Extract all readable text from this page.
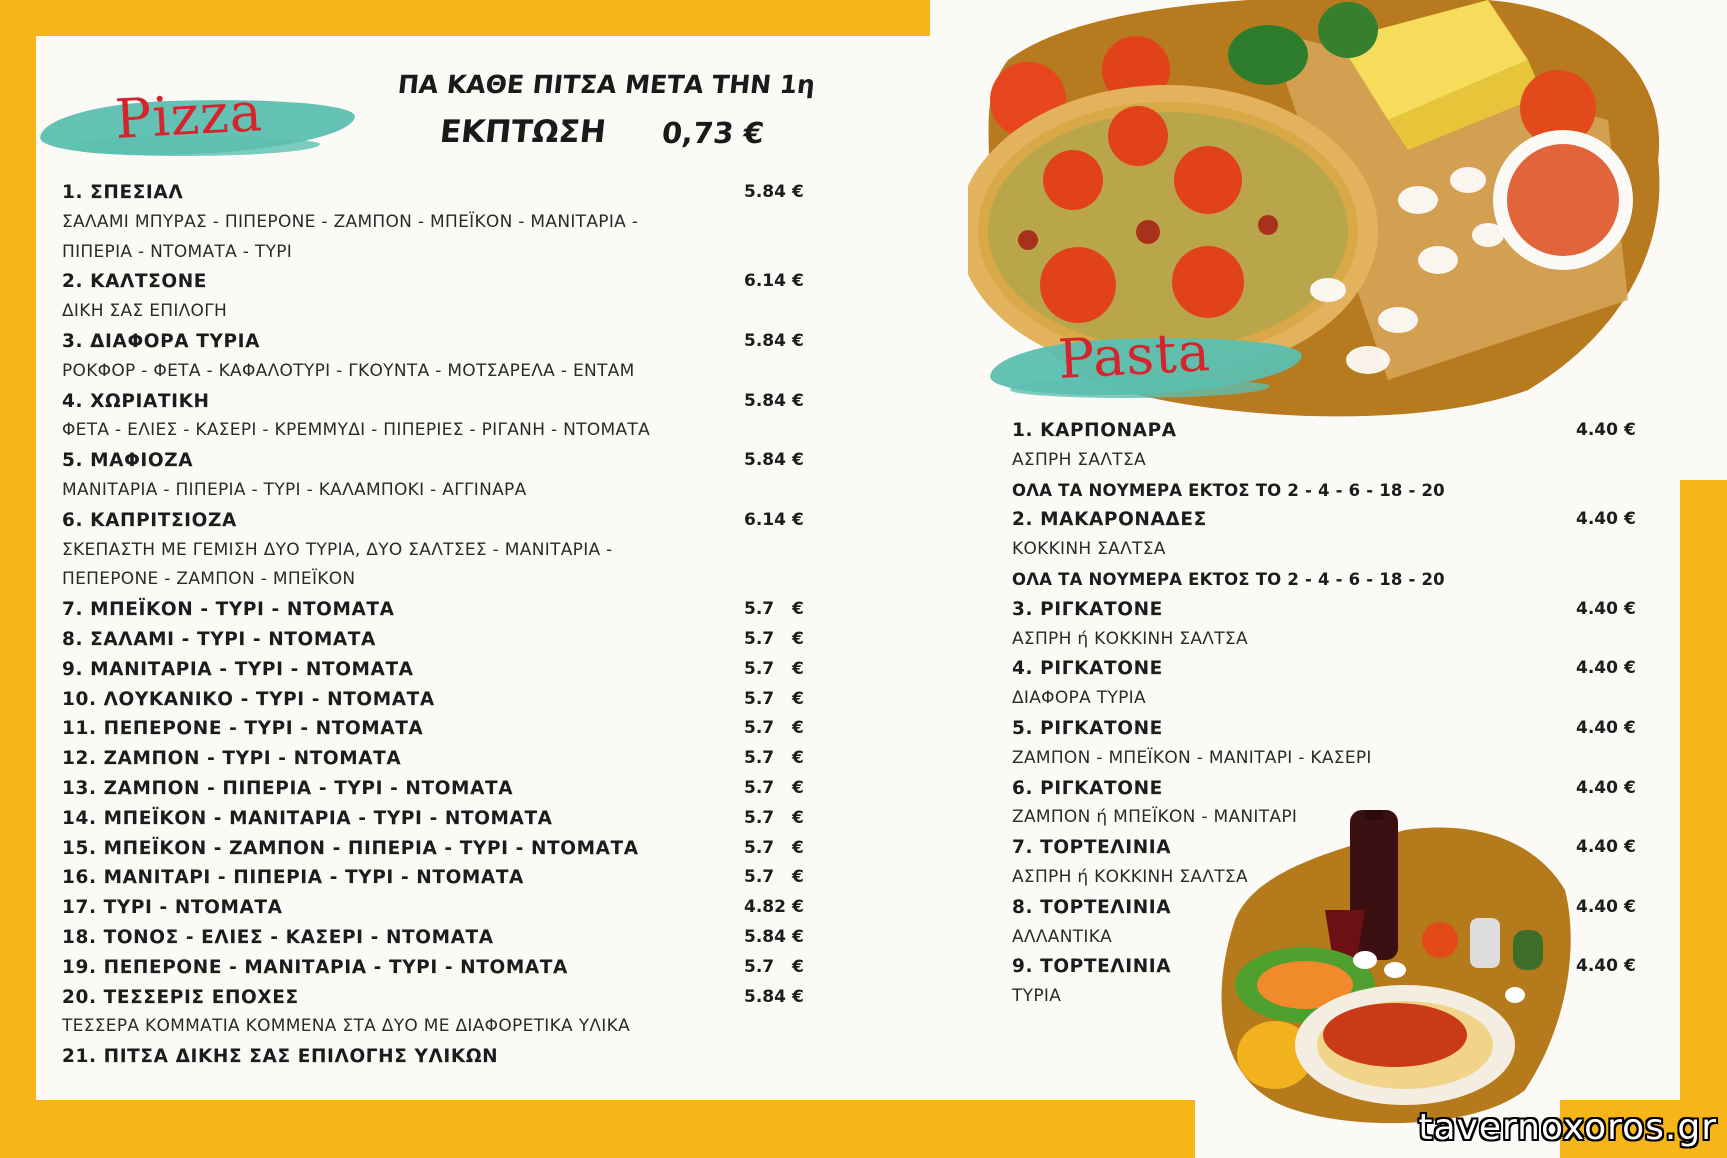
Pizza	ΠΑ ΚΑΘΕ ΠΙΤΣΑ ΜΕΤΑ ΤΗΝ 1η
ΕΚΠΤΩΣΗ 0,73 €
1. ΣΠΕΣΙΑΛ	5.84 €
ΣΑΛΑΜΙ ΜΠΥΡΑΣ - ΠΙΠΕΡΟΝΕ - ΖΑΜΠΟΝ - ΜΠΕΪΚΟΝ - ΜΑΝΙΤΑΡΙΑ -
ΠΙΠΕΡΙΑ - ΝΤΟΜΑΤΑ - ΤΥΡΙ
2. ΚΑΛΤΣΟΝΕ	6.14 €
ΔΙΚΗ ΣΑΣ ΕΠΙΛΟΓΗ
3. ΔΙΑΦΟΡΑ ΤΥΡΙΑ	5.84 €
ΡΟΚΦΟΡ - ΦΕΤΑ - ΚΑΦΑΛΟΤΥΡΙ - ΓΚΟΥΝΤΑ - ΜΟΤΣΑΡΕΛΑ - ΕΝΤΑΜ
4. ΧΩΡΙΑΤΙΚΗ	5.84 €
ΦΕΤΑ - ΕΛΙΕΣ - ΚΑΣΕΡΙ - ΚΡΕΜΜΥΔΙ - ΠΙΠΕΡΙΕΣ - ΡΙΓΑΝΗ - ΝΤΟΜΑΤΑ
5. ΜΑΦΙΟΖΑ	5.84 €
ΜΑΝΙΤΑΡΙΑ - ΠΙΠΕΡΙΑ - ΤΥΡΙ - ΚΑΛΑΜΠΟΚΙ - ΑΓΓΙΝΑΡΑ
6. ΚΑΠΡΙΤΣΙΟΖΑ	6.14 €
ΣΚΕΠΑΣΤΗ ΜΕ ΓΕΜΙΣΗ ΔΥΟ ΤΥΡΙΑ, ΔΥΟ ΣΑΛΤΣΕΣ - ΜΑΝΙΤΑΡΙΑ -
ΠΕΠΕΡΟΝΕ - ΖΑΜΠΟΝ - ΜΠΕΪΚΟΝ
7. ΜΠΕΪΚΟΝ - ΤΥΡΙ - ΝΤΟΜΑΤΑ	5.7 €
8. ΣΑΛΑΜΙ - ΤΥΡΙ - ΝΤΟΜΑΤΑ	5.7 €
9. ΜΑΝΙΤΑΡΙΑ - ΤΥΡΙ - ΝΤΟΜΑΤΑ	5.7 €
10. ΛΟΥΚΑΝΙΚΟ - ΤΥΡΙ - ΝΤΟΜΑΤΑ	5.7 €
11. ΠΕΠΕΡΟΝΕ - ΤΥΡΙ - ΝΤΟΜΑΤΑ	5.7 €
12. ΖΑΜΠΟΝ - ΤΥΡΙ - ΝΤΟΜΑΤΑ	5.7 €
13. ΖΑΜΠΟΝ - ΠΙΠΕΡΙΑ - ΤΥΡΙ - ΝΤΟΜΑΤΑ	5.7 €
14. ΜΠΕΪΚΟΝ - ΜΑΝΙΤΑΡΙΑ - ΤΥΡΙ - ΝΤΟΜΑΤΑ	5.7 €
15. ΜΠΕΪΚΟΝ - ΖΑΜΠΟΝ - ΠΙΠΕΡΙΑ - ΤΥΡΙ - ΝΤΟΜΑΤΑ	5.7 €
16. ΜΑΝΙΤΑΡΙ - ΠΙΠΕΡΙΑ - ΤΥΡΙ - ΝΤΟΜΑΤΑ	5.7 €
17. ΤΥΡΙ - ΝΤΟΜΑΤΑ	4.82 €
18. ΤΟΝΟΣ - ΕΛΙΕΣ - ΚΑΣΕΡΙ - ΝΤΟΜΑΤΑ	5.84 €
19. ΠΕΠΕΡΟΝΕ - ΜΑΝΙΤΑΡΙΑ - ΤΥΡΙ - ΝΤΟΜΑΤΑ	5.7 €
20. ΤΕΣΣΕΡΙΣ ΕΠΟΧΕΣ	5.84 €
ΤΕΣΣΕΡΑ ΚΟΜΜΑΤΙΑ ΚΟΜΜΕΝΑ ΣΤΑ ΔΥΟ ΜΕ ΔΙΑΦΟΡΕΤΙΚΑ ΥΛΙΚΑ
21. ΠΙΤΣΑ ΔΙΚΗΣ ΣΑΣ ΕΠΙΛΟΓΗΣ ΥΛΙΚΩΝ
Pasta
1. ΚΑΡΠΟΝΑΡΑ	4.40 €
ΑΣΠΡΗ ΣΑΛΤΣΑ
ΟΛΑ ΤΑ ΝΟΥΜΕΡΑ ΕΚΤΟΣ ΤΟ 2 - 4 - 6 - 18 - 20
2. ΜΑΚΑΡΟΝΑΔΕΣ	4.40 €
ΚΟΚΚΙΝΗ ΣΑΛΤΣΑ
ΟΛΑ ΤΑ ΝΟΥΜΕΡΑ ΕΚΤΟΣ ΤΟ 2 - 4 - 6 - 18 - 20
3. ΡΙΓΚΑΤΟΝΕ	4.40 €
ΑΣΠΡΗ ή ΚΟΚΚΙΝΗ ΣΑΛΤΣΑ
4. ΡΙΓΚΑΤΟΝΕ	4.40 €
ΔΙΑΦΟΡΑ ΤΥΡΙΑ
5. ΡΙΓΚΑΤΟΝΕ	4.40 €
ΖΑΜΠΟΝ - ΜΠΕΪΚΟΝ - ΜΑΝΙΤΑΡΙ - ΚΑΣΕΡΙ
6. ΡΙΓΚΑΤΟΝΕ	4.40 €
ΖΑΜΠΟΝ ή ΜΠΕΪΚΟΝ - ΜΑΝΙΤΑΡΙ
7. ΤΟΡΤΕΛΙΝΙΑ	4.40 €
ΑΣΠΡΗ ή ΚΟΚΚΙΝΗ ΣΑΛΤΣΑ
8. ΤΟΡΤΕΛΙΝΙΑ	4.40 €
ΑΛΛΑΝΤΙΚΑ
9. ΤΟΡΤΕΛΙΝΙΑ	4.40 €
ΤΥΡΙΑ
tavernoxoros.gr
